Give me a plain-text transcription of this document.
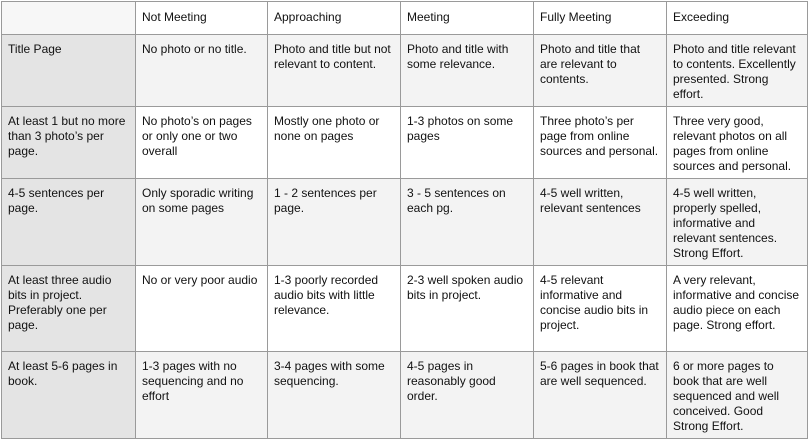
	Not Meeting	Approaching	Meeting	Fully Meeting	Exceeding
Title Page	No photo or no title.	Photo and title but not relevant to content.	Photo and title with some relevance.	Photo and title that are relevant to contents.	Photo and title relevant to contents. Excellently presented. Strong effort.
At least 1 but no more than 3 photo’s per page.	No photo’s on pages or only one or two overall	Mostly one photo or none on pages	1-3 photos on some pages	Three photo’s per page from online sources and personal.	Three very good, relevant photos on all pages from online sources and personal.
4-5 sentences per page.	Only sporadic writing on some pages	1 - 2 sentences per page.	3 - 5 sentences on each pg.	4-5 well written, relevant sentences	4-5 well written, properly spelled, informative and relevant sentences. Strong Effort.
At least three audio bits in project. Preferably one per page.	No or very poor audio	1-3 poorly recorded audio bits with little relevance.	2-3 well spoken audio bits in project.	4-5 relevant informative and concise audio bits in project.	A very relevant, informative and concise audio piece on each page. Strong effort.
At least 5-6 pages in book.	1-3 pages with no sequencing and no effort	3-4 pages with some sequencing.	4-5 pages in reasonably good order.	5-6 pages in book that are well sequenced.	6 or more pages to book that are well sequenced and well conceived. Good Strong Effort.
